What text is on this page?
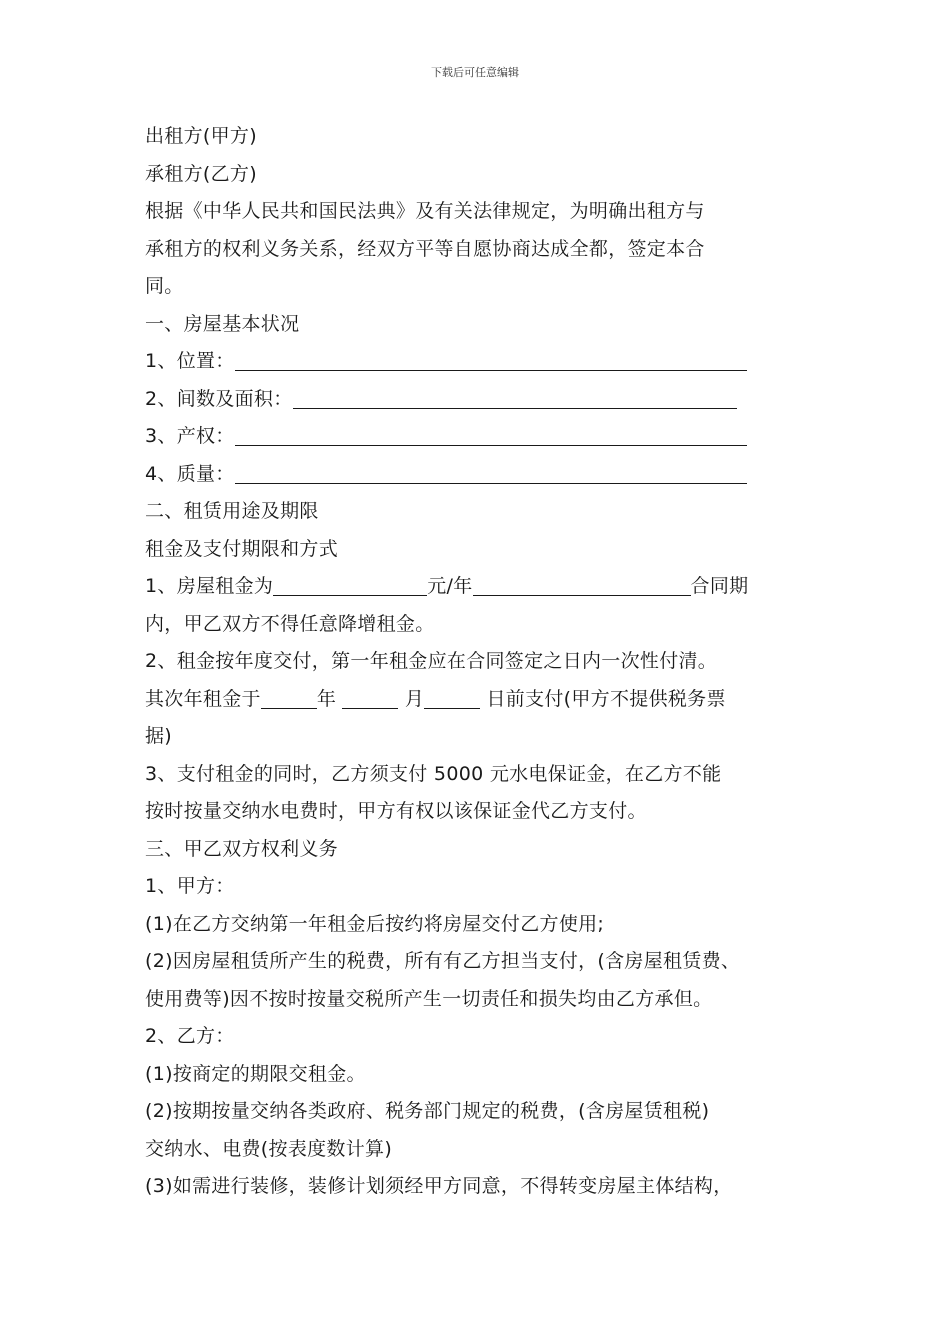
下载后可任意编辑
出租方(甲方)
承租方(乙方)
根据《中华人民共和国民法典》及有关法律规定，为明确出租方与
承租方的权利义务关系，经双方平等自愿协商达成全都，签定本合
同。
一、房屋基本状况
1、位置：
2、间数及面积：
3、产权：
4、质量：
二、租赁用途及期限
租金及支付期限和方式
1、房屋租金为	元/年	合同期
内，甲乙双方不得任意降增租金。
2、租金按年度交付，第一年租金应在合同签定之日内一次性付清。
其次年租金于	年	月	日前支付(甲方不提供税务票
据)
3、支付租金的同时，乙方须支付 5000 元水电保证金，在乙方不能
按时按量交纳水电费时，甲方有权以该保证金代乙方支付。
三、甲乙双方权利义务
1、甲方：
(1)在乙方交纳第一年租金后按约将房屋交付乙方使用;
(2)因房屋租赁所产生的税费，所有有乙方担当支付，(含房屋租赁费、
使用费等)因不按时按量交税所产生一切责任和损失均由乙方承但。
2、乙方：
(1)按商定的期限交租金。
(2)按期按量交纳各类政府、税务部门规定的税费，(含房屋赁租税)
交纳水、电费(按表度数计算)
(3)如需进行装修，装修计划须经甲方同意，不得转变房屋主体结构，
